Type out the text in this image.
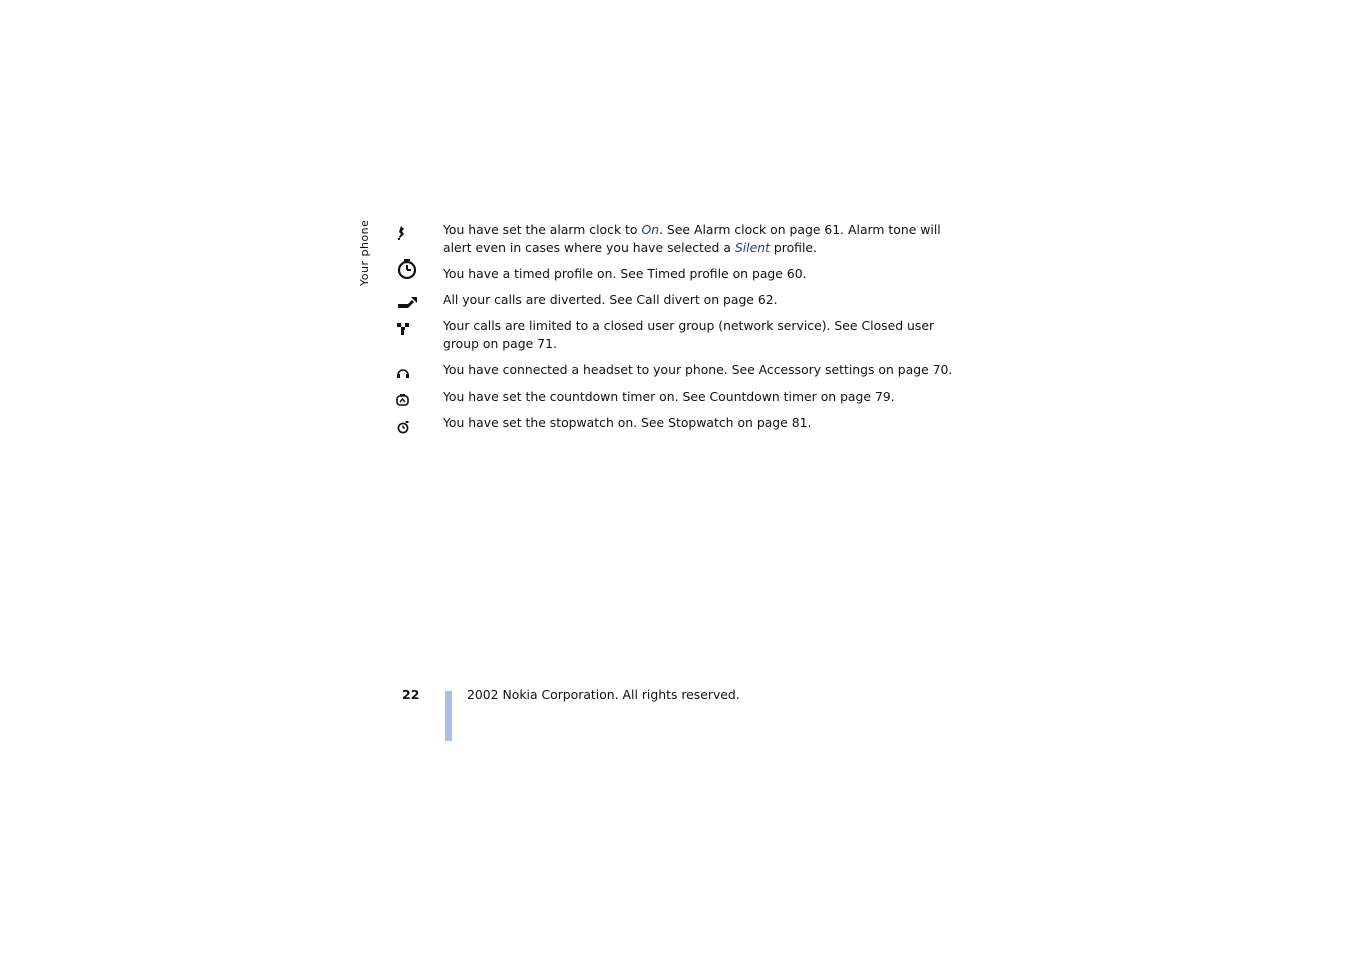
Your phone	You have set the alarm clock to On. See Alarm clock on page 61. Alarm tone will alert even in cases where you have selected a Silent profile.
You have a timed profile on. See Timed profile on page 60.
All your calls are diverted. See Call divert on page 62.
Your calls are limited to a closed user group (network service). See Closed user group on page 71.
You have connected a headset to your phone. See Accessory settings on page 70.
You have set the countdown timer on. See Countdown timer on page 79.
You have set the stopwatch on. See Stopwatch on page 81.
22	2002 Nokia Corporation. All rights reserved.
